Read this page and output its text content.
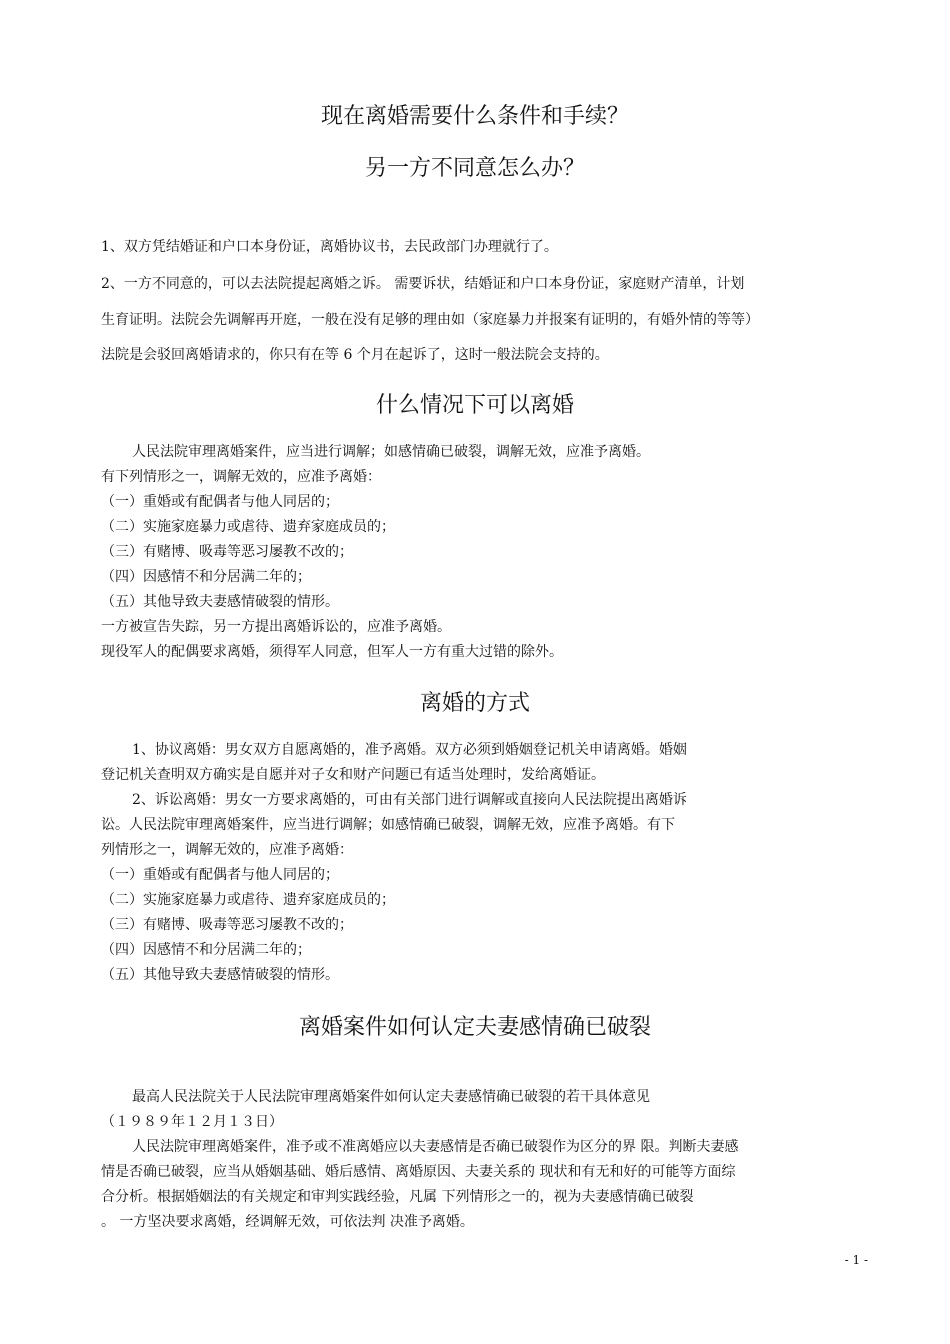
现在离婚需要什么条件和手续？
另一方不同意怎么办？

1、双方凭结婚证和户口本身份证，离婚协议书，去民政部门办理就行了。

2、一方不同意的，可以去法院提起离婚之诉。 需要诉状，结婚证和户口本身份证，家庭财产清单，计划

生育证明。法院会先调解再开庭，一般在没有足够的理由如（家庭暴力并报案有证明的，有婚外情的等等）

法院是会驳回离婚请求的，你只有在等 6 个月在起诉了，这时一般法院会支持的。

什么情况下可以离婚

人民法院审理离婚案件，应当进行调解；如感情确已破裂，调解无效，应准予离婚。

有下列情形之一，调解无效的，应准予离婚：

（一）重婚或有配偶者与他人同居的；

（二）实施家庭暴力或虐待、遗弃家庭成员的；

（三）有赌博、吸毒等恶习屡教不改的；

（四）因感情不和分居满二年的；

（五）其他导致夫妻感情破裂的情形。

一方被宣告失踪，另一方提出离婚诉讼的，应准予离婚。

现役军人的配偶要求离婚，须得军人同意，但军人一方有重大过错的除外。

离婚的方式

1、协议离婚：男女双方自愿离婚的，准予离婚。双方必须到婚姻登记机关申请离婚。婚姻

登记机关查明双方确实是自愿并对子女和财产问题已有适当处理时，发给离婚证。

2、诉讼离婚：男女一方要求离婚的，可由有关部门进行调解或直接向人民法院提出离婚诉

讼。人民法院审理离婚案件，应当进行调解；如感情确已破裂，调解无效，应准予离婚。有下

列情形之一，调解无效的，应准予离婚：

（一）重婚或有配偶者与他人同居的；

（二）实施家庭暴力或虐待、遗弃家庭成员的；

（三）有赌博、吸毒等恶习屡教不改的；

（四）因感情不和分居满二年的；

（五）其他导致夫妻感情破裂的情形。

离婚案件如何认定夫妻感情确已破裂

最高人民法院关于人民法院审理离婚案件如何认定夫妻感情确已破裂的若干具体意见

（１９８９年１２月１３日）

人民法院审理离婚案件，准予或不准离婚应以夫妻感情是否确已破裂作为区分的界 限。判断夫妻感

情是否确已破裂，应当从婚姻基础、婚后感情、离婚原因、夫妻关系的 现状和有无和好的可能等方面综

合分析。根据婚姻法的有关规定和审判实践经验，凡属 下列情形之一的，视为夫妻感情确已破裂

。 一方坚决要求离婚，经调解无效，可依法判 决准予离婚。

- 1 -
